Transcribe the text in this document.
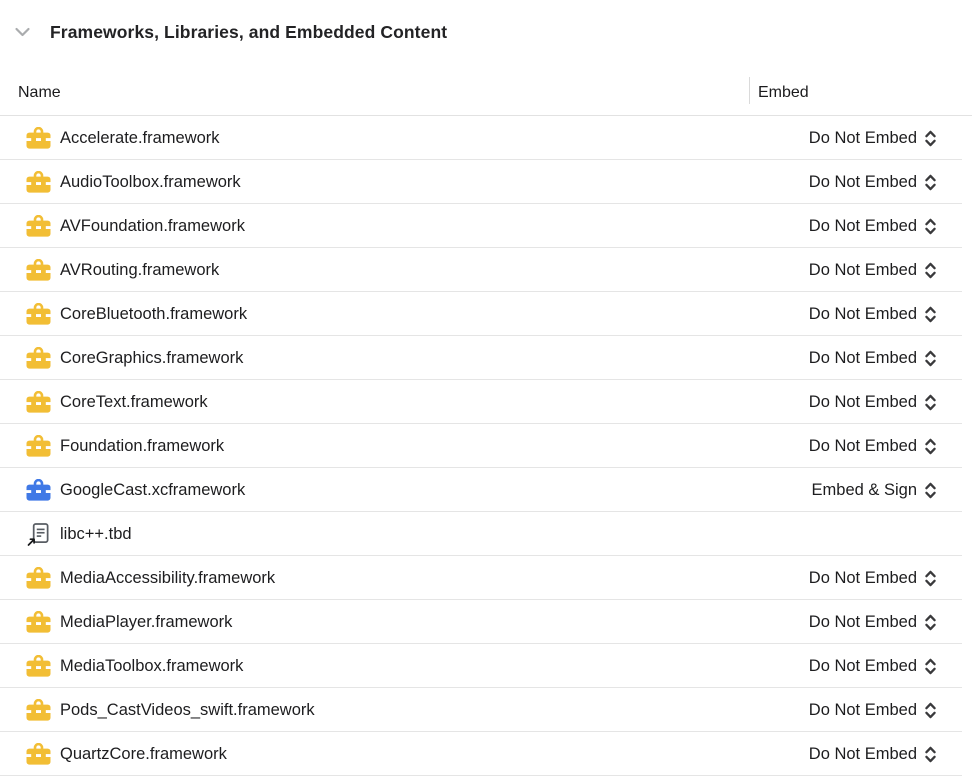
Frameworks, Libraries, and Embedded Content
Name	Embed
Accelerate.framework	Do Not Embed
AudioToolbox.framework	Do Not Embed
AVFoundation.framework	Do Not Embed
AVRouting.framework	Do Not Embed
CoreBluetooth.framework	Do Not Embed
CoreGraphics.framework	Do Not Embed
CoreText.framework	Do Not Embed
Foundation.framework	Do Not Embed
GoogleCast.xcframework	Embed & Sign
libc++.tbd
MediaAccessibility.framework	Do Not Embed
MediaPlayer.framework	Do Not Embed
MediaToolbox.framework	Do Not Embed
Pods_CastVideos_swift.framework	Do Not Embed
QuartzCore.framework	Do Not Embed
